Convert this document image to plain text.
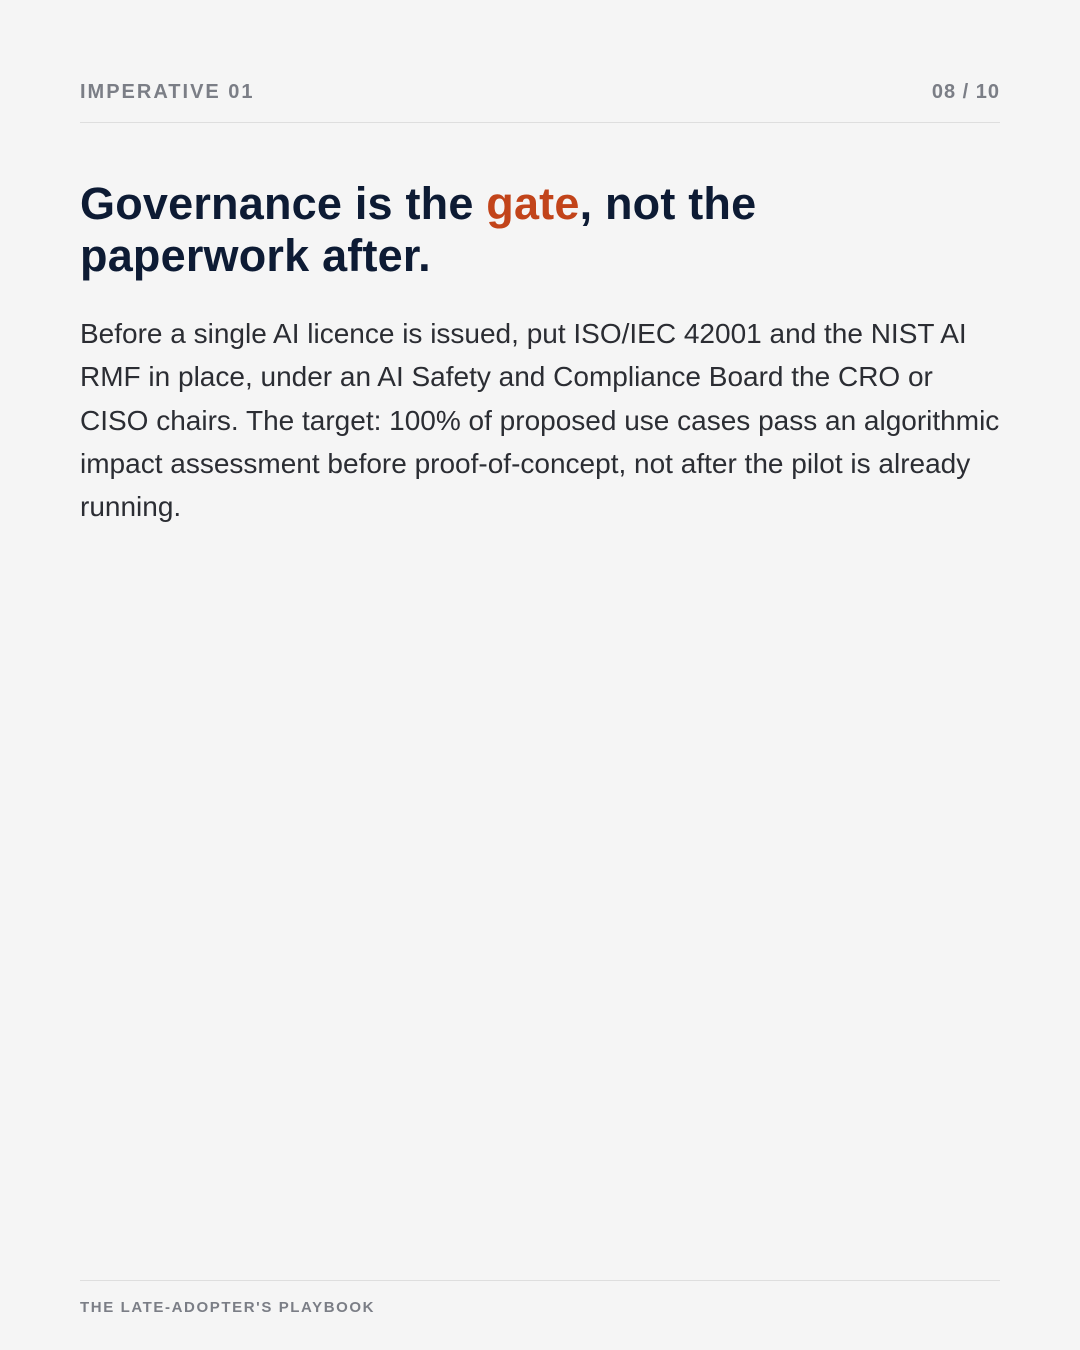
IMPERATIVE 01	08 / 10
Governance is the gate, not the paperwork after.

Before a single AI licence is issued, put ISO/IEC 42001 and the NIST AI RMF in place, under an AI Safety and Compliance Board the CRO or CISO chairs. The target: 100% of proposed use cases pass an algorithmic impact assessment before proof-of-concept, not after the pilot is already running.

THE LATE-ADOPTER'S PLAYBOOK
